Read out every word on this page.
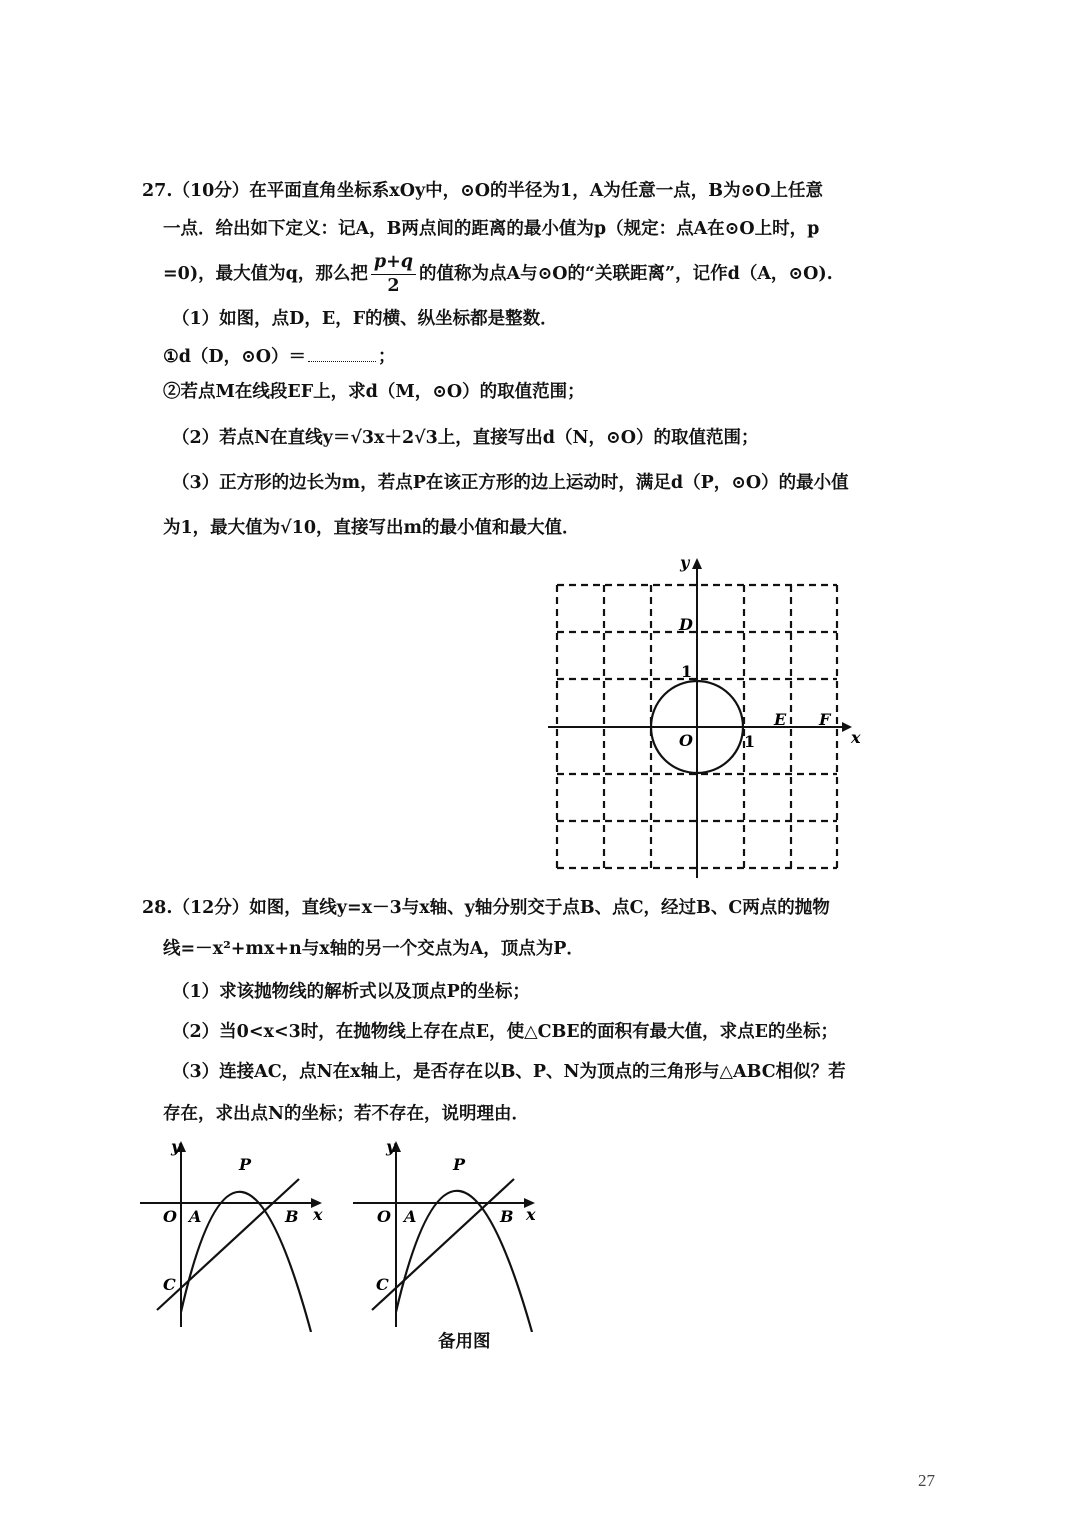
27.（10分）在平面直角坐标系xOy中，⊙O的半径为1，A为任意一点，B为⊙O上任意
一点．给出如下定义：记A，B两点间的距离的最小值为p（规定：点A在⊙O上时，p
=0)，最大值为q，那么把 $\frac{p+q}{2}$ 的值称为点A与⊙O的“关联距离”，记作d（A，⊙O).
（1）如图，点D，E，F的横、纵坐标都是整数．
①d（D，⊙O）＝	；
②若点M在线段EF上，求d（M，⊙O）的取值范围；
（2）若点N在直线y＝√3x＋2√3上，直接写出d（N，⊙O）的取值范围；
（3）正方形的边长为m，若点P在该正方形的边上运动时，满足d（P，⊙O）的最小值
为1，最大值为√10，直接写出m的最小值和最大值．
y
x
O	1
1
D
E F
28.（12分）如图，直线y=x－3与x轴、y轴分别交于点B、点C，经过B、C两点的抛物
线=－x²+mx+n与x轴的另一个交点为A，顶点为P．
（1）求该抛物线的解析式以及顶点P的坐标；
（2）当0<x<3时，在抛物线上存在点E，使△CBE的面积有最大值，求点E的坐标；
（3）连接AC，点N在x轴上，是否存在以B、P、N为顶点的三角形与△ABC相似？若
存在，求出点N的坐标；若不存在，说明理由．
y
x
O A	B
C
P
y
x
O A	B
C
P
备用图
27
